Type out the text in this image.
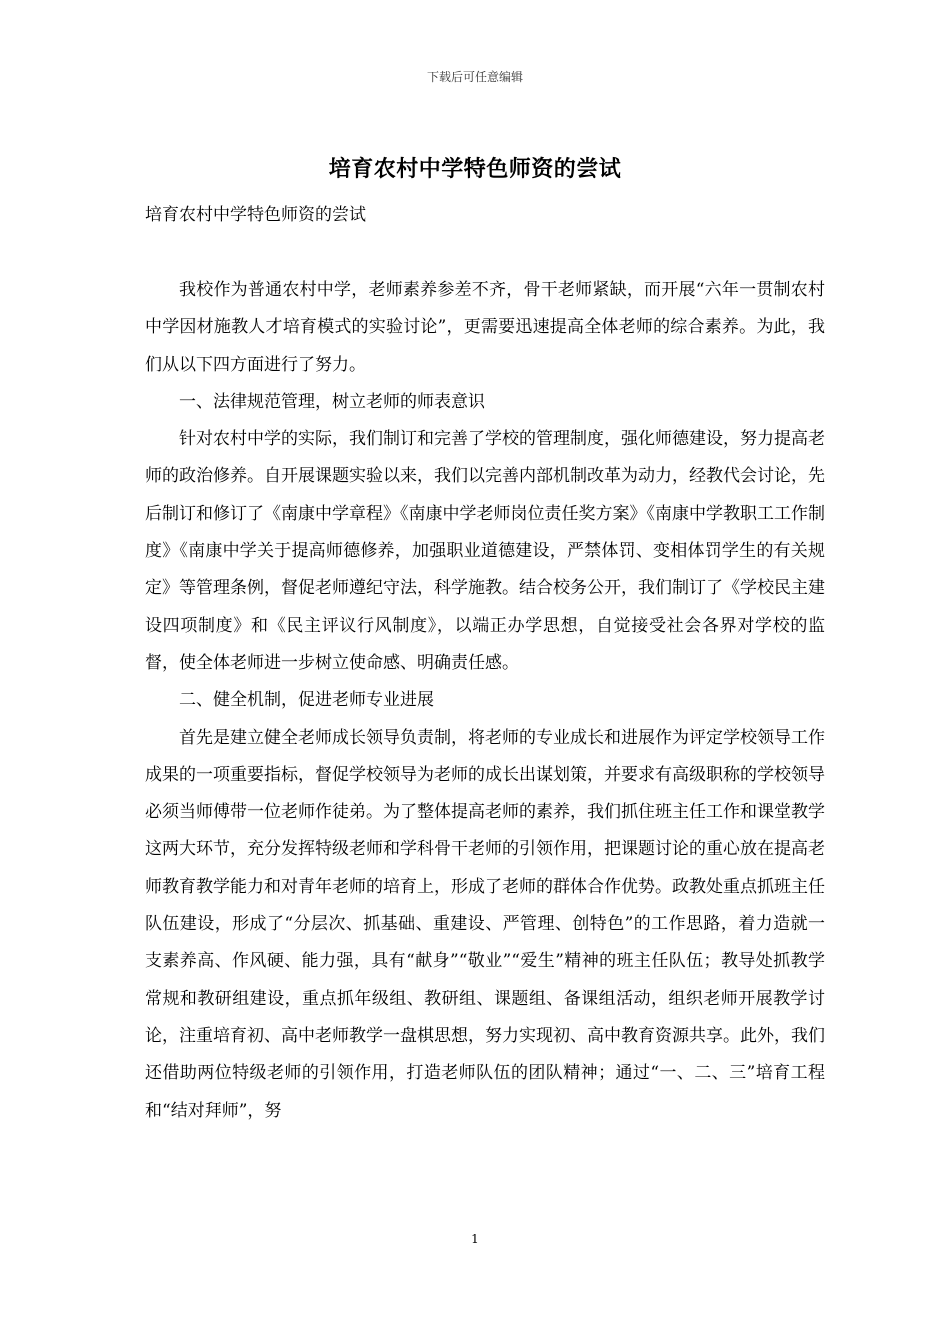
下载后可任意编辑
培育农村中学特色师资的尝试
培育农村中学特色师资的尝试

我校作为普通农村中学，老师素养参差不齐，骨干老师紧缺，而开展“六年一贯制农村中学因材施教人才培育模式的实验讨论”，更需要迅速提高全体老师的综合素养。为此，我们从以下四方面进行了努力。

一、法律规范管理，树立老师的师表意识

针对农村中学的实际，我们制订和完善了学校的管理制度，强化师德建设，努力提高老师的政治修养。自开展课题实验以来，我们以完善内部机制改革为动力，经教代会讨论，先后制订和修订了《南康中学章程》《南康中学老师岗位责任奖方案》《南康中学教职工工作制度》《南康中学关于提高师德修养，加强职业道德建设，严禁体罚、变相体罚学生的有关规定》等管理条例，督促老师遵纪守法，科学施教。结合校务公开，我们制订了《学校民主建设四项制度》和《民主评议行风制度》，以端正办学思想，自觉接受社会各界对学校的监督，使全体老师进一步树立使命感、明确责任感。

二、健全机制，促进老师专业进展

首先是建立健全老师成长领导负责制，将老师的专业成长和进展作为评定学校领导工作成果的一项重要指标，督促学校领导为老师的成长出谋划策，并要求有高级职称的学校领导必须当师傅带一位老师作徒弟。为了整体提高老师的素养，我们抓住班主任工作和课堂教学这两大环节，充分发挥特级老师和学科骨干老师的引领作用，把课题讨论的重心放在提高老师教育教学能力和对青年老师的培育上，形成了老师的群体合作优势。政教处重点抓班主任队伍建设，形成了“分层次、抓基础、重建设、严管理、创特色”的工作思路，着力造就一支素养高、作风硬、能力强，具有“献身”“敬业”“爱生”精神的班主任队伍；教导处抓教学常规和教研组建设，重点抓年级组、教研组、课题组、备课组活动，组织老师开展教学讨论，注重培育初、高中老师教学一盘棋思想，努力实现初、高中教育资源共享。此外，我们还借助两位特级老师的引领作用，打造老师队伍的团队精神；通过“一、二、三”培育工程和“结对拜师”，努

1
